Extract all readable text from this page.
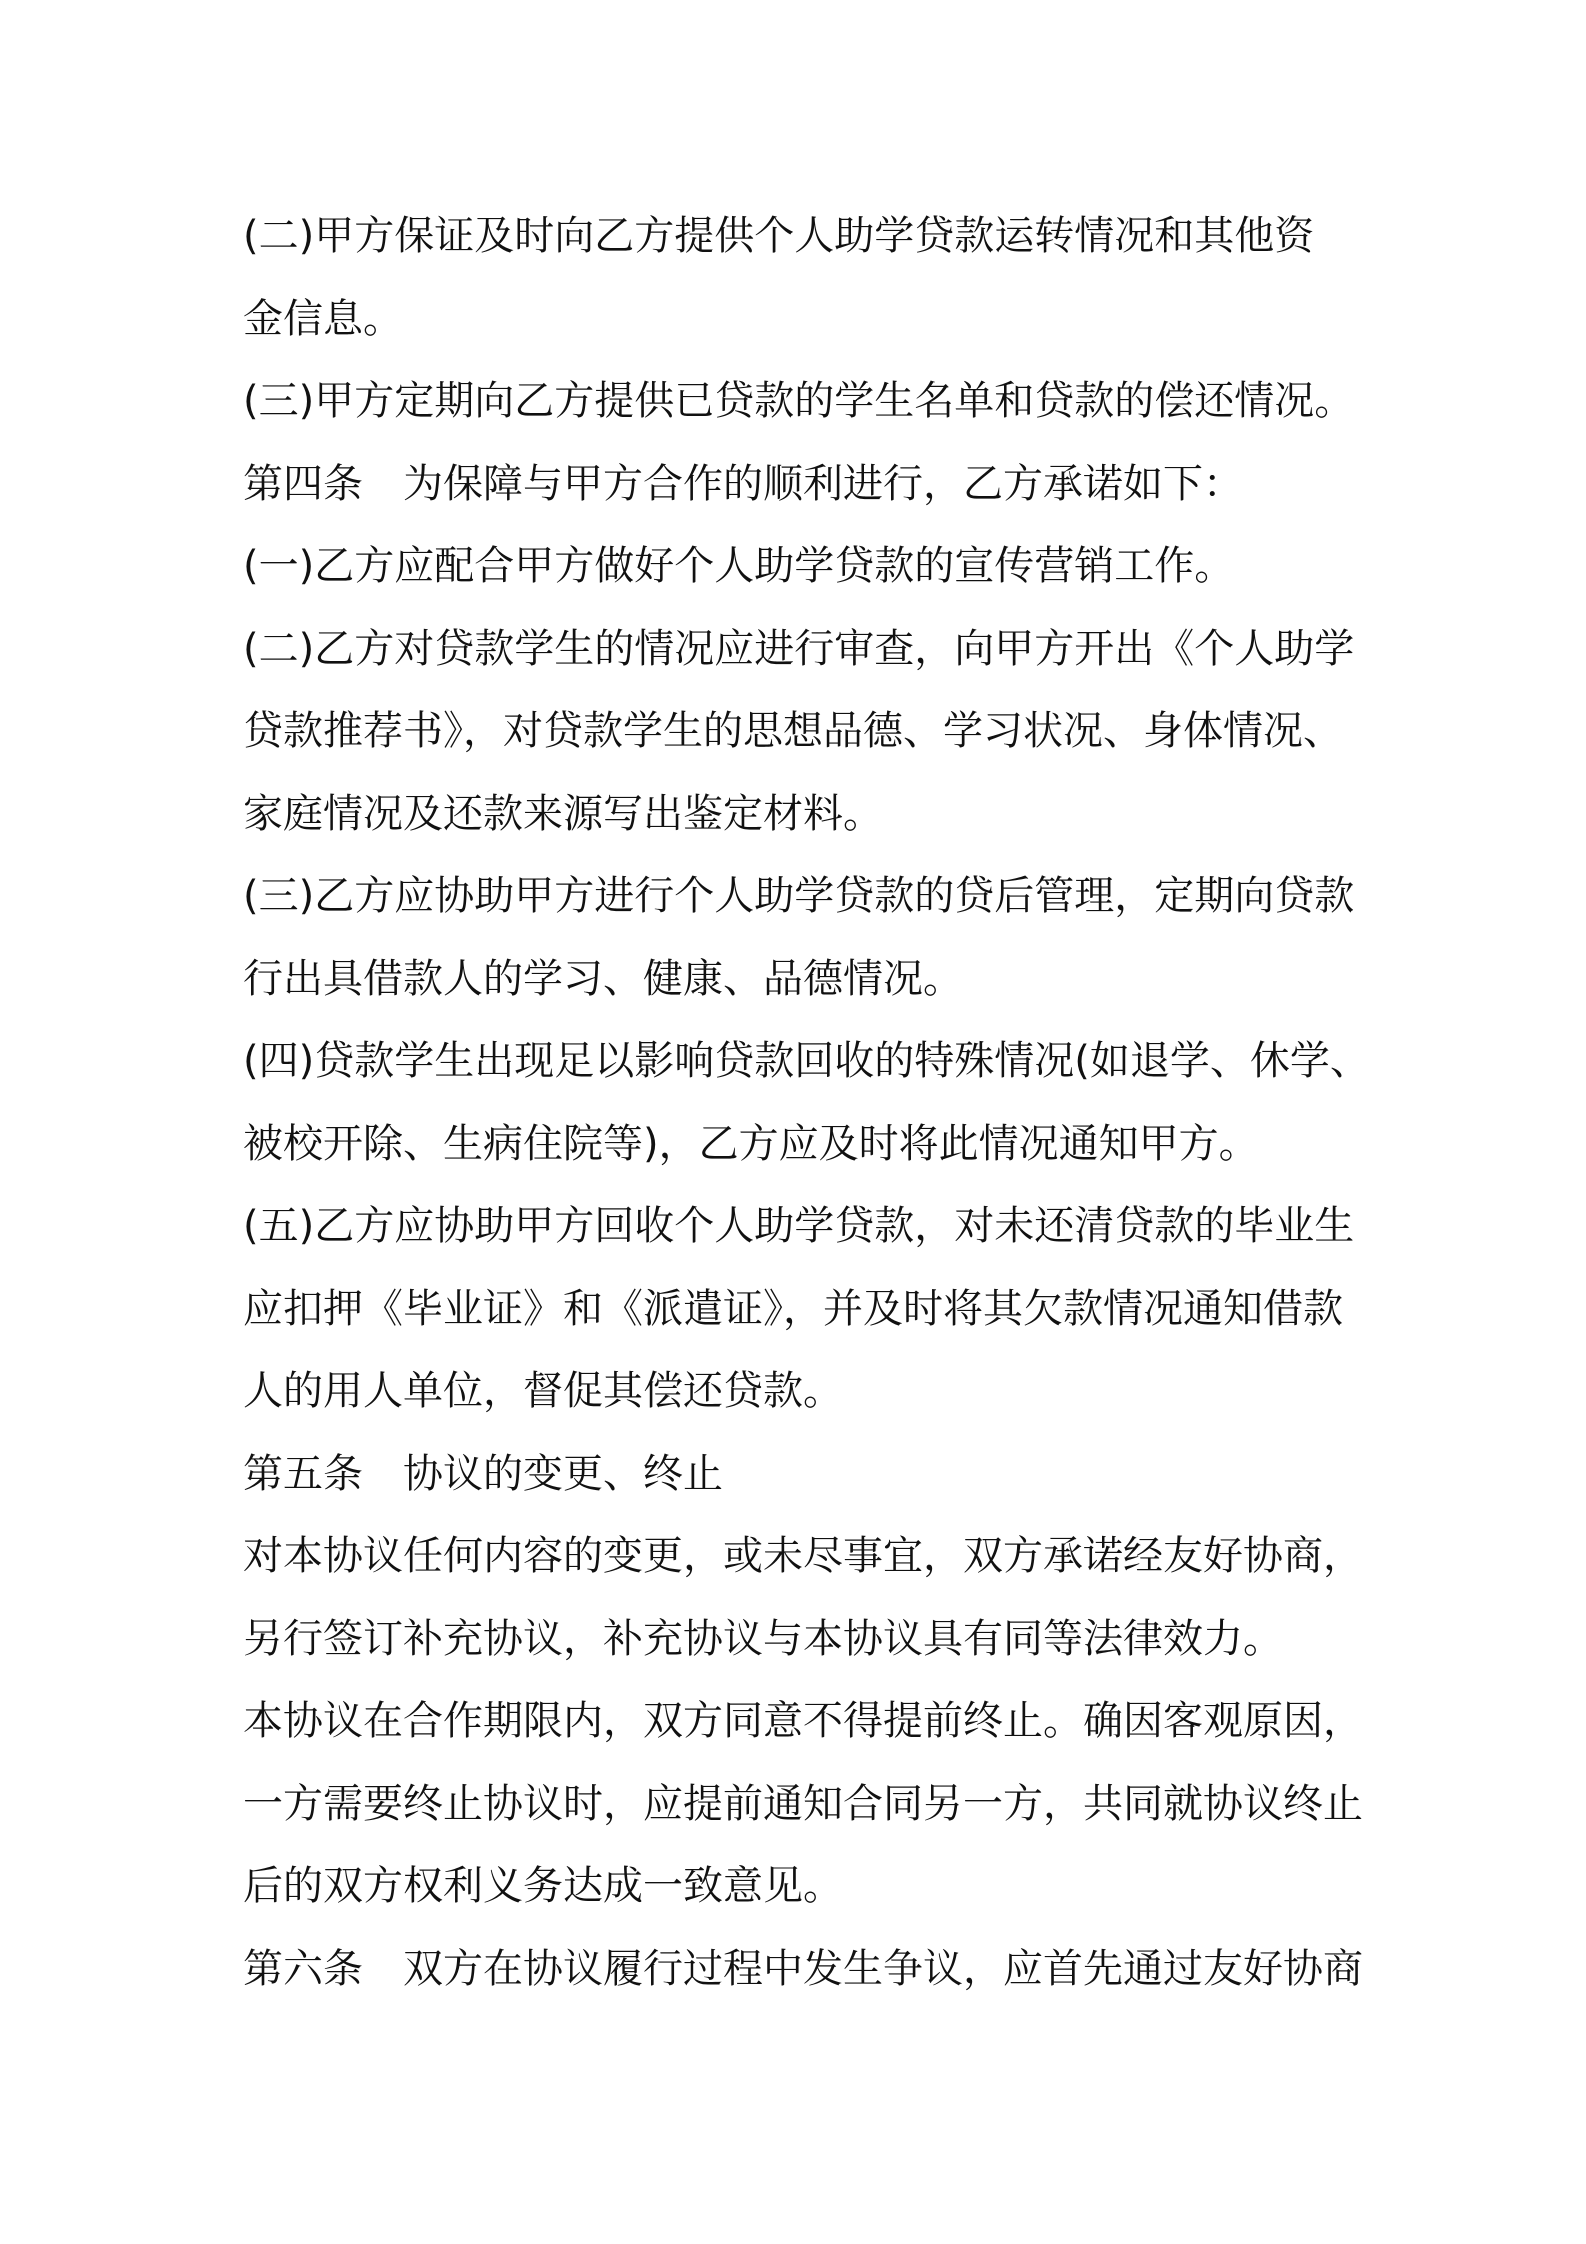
(二)甲方保证及时向乙方提供个人助学贷款运转情况和其他资
金信息。
(三)甲方定期向乙方提供已贷款的学生名单和贷款的偿还情况。
第四条　为保障与甲方合作的顺利进行，乙方承诺如下：
(一)乙方应配合甲方做好个人助学贷款的宣传营销工作。
(二)乙方对贷款学生的情况应进行审查，向甲方开出《个人助学
贷款推荐书》，对贷款学生的思想品德、学习状况、身体情况、
家庭情况及还款来源写出鉴定材料。
(三)乙方应协助甲方进行个人助学贷款的贷后管理，定期向贷款
行出具借款人的学习、健康、品德情况。
(四)贷款学生出现足以影响贷款回收的特殊情况(如退学、休学、
被校开除、生病住院等)，乙方应及时将此情况通知甲方。
(五)乙方应协助甲方回收个人助学贷款，对未还清贷款的毕业生
应扣押《毕业证》和《派遣证》，并及时将其欠款情况通知借款
人的用人单位，督促其偿还贷款。
第五条　协议的变更、终止
对本协议任何内容的变更，或未尽事宜，双方承诺经友好协商，
另行签订补充协议，补充协议与本协议具有同等法律效力。
本协议在合作期限内，双方同意不得提前终止。确因客观原因，
一方需要终止协议时，应提前通知合同另一方，共同就协议终止
后的双方权利义务达成一致意见。
第六条　双方在协议履行过程中发生争议，应首先通过友好协商
